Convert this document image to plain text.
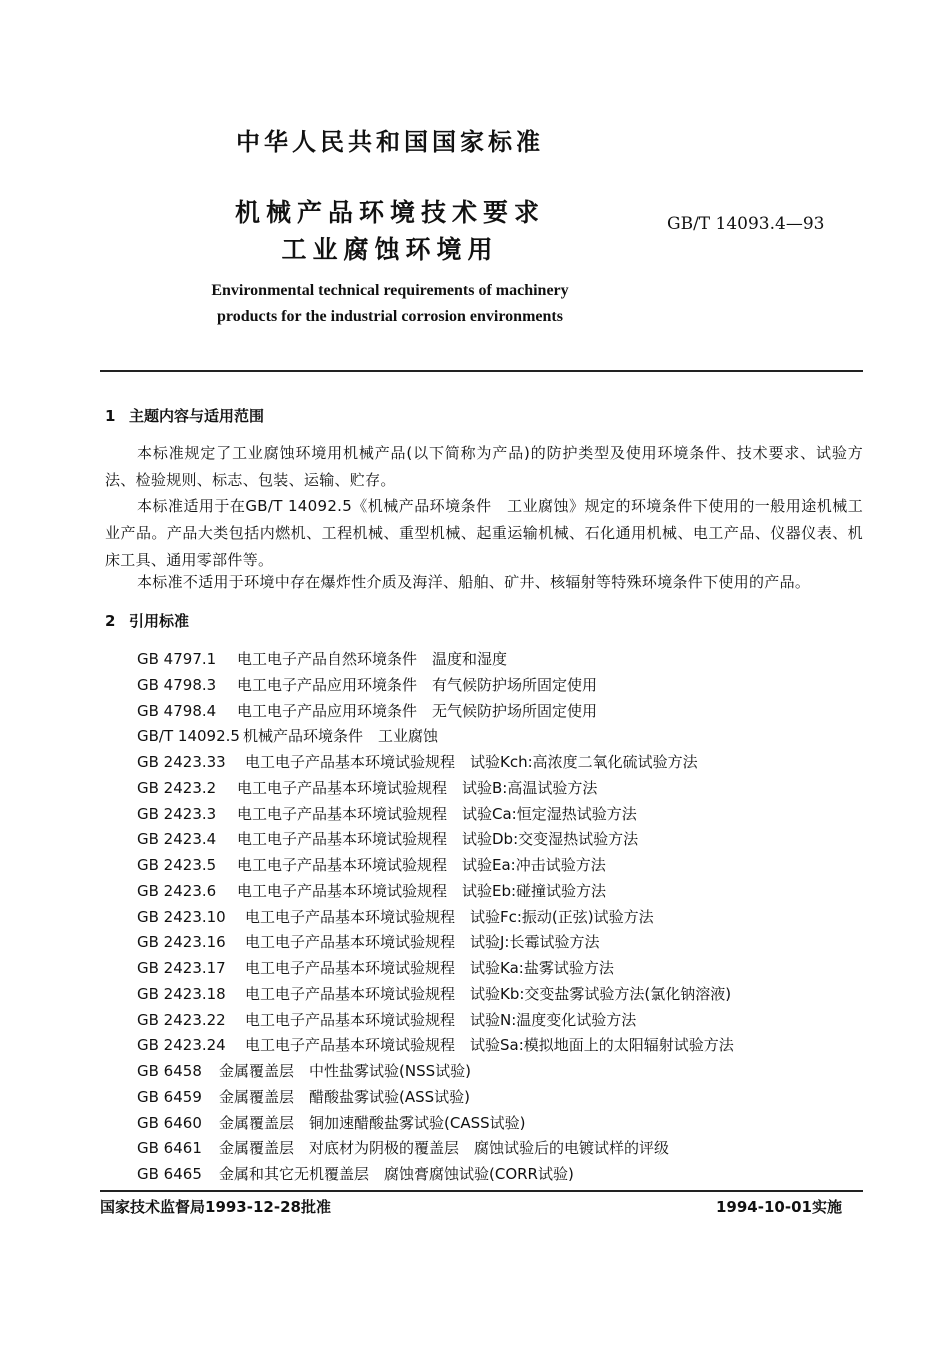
中华人民共和国国家标准
机械产品环境技术要求
工业腐蚀环境用
GB/T 14093.4—93
Environmental technical requirements of machinery
products for the industrial corrosion environments
1 主题内容与适用范围
本标准规定了工业腐蚀环境用机械产品(以下简称为产品)的防护类型及使用环境条件、技术要求、试验方法、检验规则、标志、包装、运输、贮存。
本标准适用于在GB/T 14092.5《机械产品环境条件　工业腐蚀》规定的环境条件下使用的一般用途机械工业产品。产品大类包括内燃机、工程机械、重型机械、起重运输机械、石化通用机械、电工产品、仪器仪表、机床工具、通用零部件等。
本标准不适用于环境中存在爆炸性介质及海洋、船舶、矿井、核辐射等特殊环境条件下使用的产品。
2 引用标准
GB 4797.1 电工电子产品自然环境条件　温度和湿度
GB 4798.3 电工电子产品应用环境条件　有气候防护场所固定使用
GB 4798.4 电工电子产品应用环境条件　无气候防护场所固定使用
GB/T 14092.5 机械产品环境条件　工业腐蚀
GB 2423.33 电工电子产品基本环境试验规程　试验Kch:高浓度二氧化硫试验方法
GB 2423.2 电工电子产品基本环境试验规程　试验B:高温试验方法
GB 2423.3 电工电子产品基本环境试验规程　试验Ca:恒定湿热试验方法
GB 2423.4 电工电子产品基本环境试验规程　试验Db:交变湿热试验方法
GB 2423.5 电工电子产品基本环境试验规程　试验Ea:冲击试验方法
GB 2423.6 电工电子产品基本环境试验规程　试验Eb:碰撞试验方法
GB 2423.10 电工电子产品基本环境试验规程　试验Fc:振动(正弦)试验方法
GB 2423.16 电工电子产品基本环境试验规程　试验J:长霉试验方法
GB 2423.17 电工电子产品基本环境试验规程　试验Ka:盐雾试验方法
GB 2423.18 电工电子产品基本环境试验规程　试验Kb:交变盐雾试验方法(氯化钠溶液)
GB 2423.22 电工电子产品基本环境试验规程　试验N:温度变化试验方法
GB 2423.24 电工电子产品基本环境试验规程　试验Sa:模拟地面上的太阳辐射试验方法
GB 6458 金属覆盖层　中性盐雾试验(NSS试验)
GB 6459 金属覆盖层　醋酸盐雾试验(ASS试验)
GB 6460 金属覆盖层　铜加速醋酸盐雾试验(CASS试验)
GB 6461 金属覆盖层　对底材为阴极的覆盖层　腐蚀试验后的电镀试样的评级
GB 6465 金属和其它无机覆盖层　腐蚀膏腐蚀试验(CORR试验)
国家技术监督局1993-12-28批准	1994-10-01实施
